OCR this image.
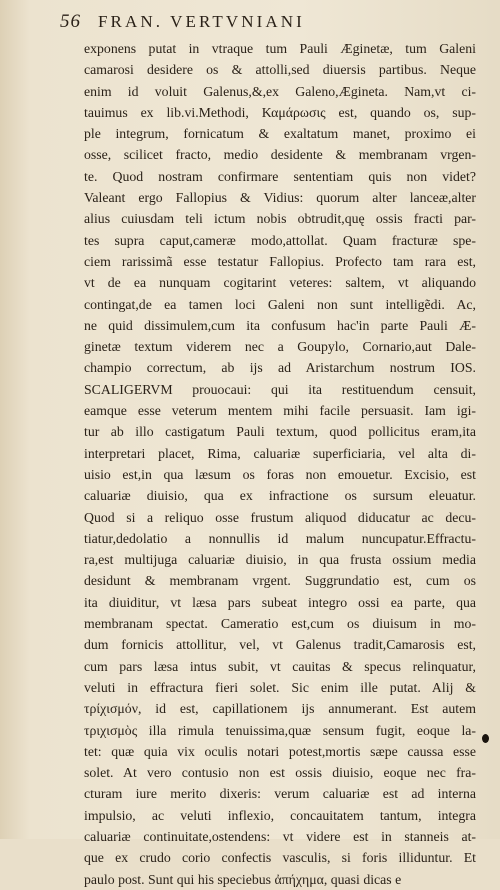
56 FRAN. VERTVNIANI
exponens putat in vtraque tum Pauli Æginetæ, tum Galeni
camarosi desidere os & attolli,sed diuersis partibus. Neque
enim id voluit Galenus,&,ex Galeno,Ægineta. Nam,vt ci-
tauimus ex lib.vi.Methodi, Καμάρωσις est, quando os, sup-
ple integrum, fornicatum & exaltatum manet, proximo ei
osse, scilicet fracto, medio desidente & membranam vrgen-
te. Quod nostram confirmare sententiam quis non videt?
Valeant ergo Fallopius & Vidius: quorum alter lanceæ,alter
alius cuiusdam teli ictum nobis obtrudit,quę ossis fracti par-
tes supra caput,cameræ modo,attollat. Quam fracturæ spe-
ciem rarissimã esse testatur Fallopius. Profecto tam rara est,
vt de ea nunquam cogitarint veteres: saltem, vt aliquando
contingat,de ea tamen loci Galeni non sunt intelligẽdi. Ac,
ne quid dissimulem,cum ita confusum hac'in parte Pauli Æ-
ginetæ textum viderem nec a Goupylo, Cornario,aut Dale-
champio correctum, ab ijs ad Aristarchum nostrum IOS.
SCALIGERVM prouocaui: qui ita restituendum censuit,
eamque esse veterum mentem mihi facile persuasit. Iam igi-
tur ab illo castigatum Pauli textum, quod pollicitus eram,ita
interpretari placet, Rima, caluariæ superficiaria, vel alta di-
uisio est,in qua læsum os foras non emouetur. Excisio, est
caluariæ diuisio, qua ex infractione os sursum eleuatur.
Quod si a reliquo osse frustum aliquod diducatur ac decu-
tiatur,dedolatio a nonnullis id malum nuncupatur.Effractu-
ra,est multijuga caluariæ diuisio, in qua frusta ossium media
desidunt & membranam vrgent. Suggrundatio est, cum os
ita diuiditur, vt læsa pars subeat integro ossi ea parte, qua
membranam spectat. Cameratio est,cum os diuisum in mo-
dum fornicis attollitur, vel, vt Galenus tradit,Camarosis est,
cum pars læsa intus subit, vt cauitas & specus relinquatur,
veluti in effractura fieri solet. Sic enim ille putat. Alij &
τρίχισμόν, id est, capillationem ijs annumerant. Est autem
τριχισμὸς illa rimula tenuissima,quæ sensum fugit, eoque la-
tet: quæ quia vix oculis notari potest,mortis sæpe caussa esse
solet. At vero contusio non est ossis diuisio, eoque nec fra-
cturam iure merito dixeris: verum caluariæ est ad interna
impulsio, ac veluti inflexio, concauitatem tantum, integra
caluariæ continuitate,ostendens: vt videre est in stanneis at-
que ex crudo corio confectis vasculis, si foris illiduntur. Et
paulo post. Sunt qui his speciebus ἀπήχημα, quasi dicas e
